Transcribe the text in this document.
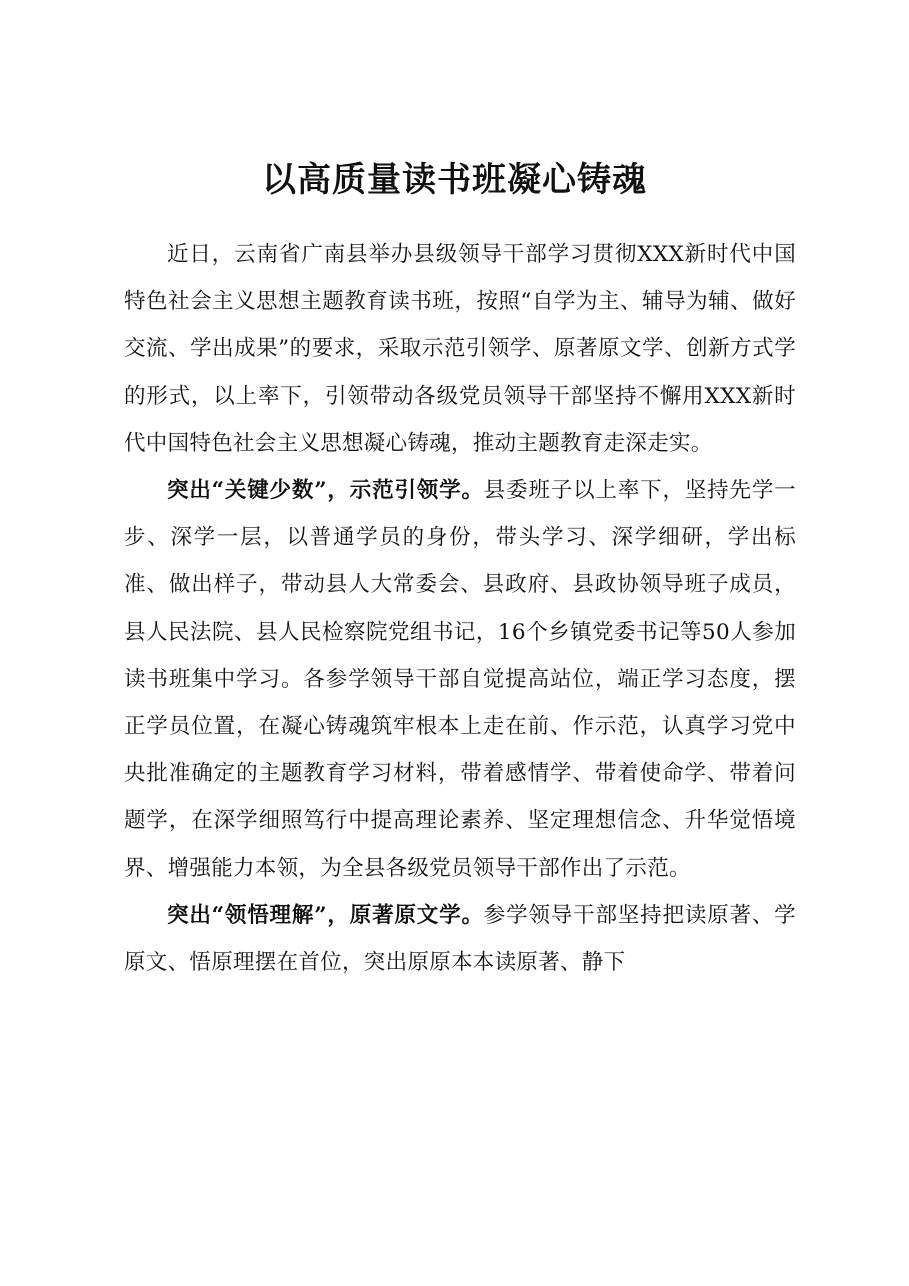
以高质量读书班凝心铸魂

近日，云南省广南县举办县级领导干部学习贯彻XXX新时代中国特色社会主义思想主题教育读书班，按照“自学为主、辅导为辅、做好交流、学出成果”的要求，采取示范引领学、原著原文学、创新方式学的形式，以上率下，引领带动各级党员领导干部坚持不懈用XXX新时代中国特色社会主义思想凝心铸魂，推动主题教育走深走实。

突出“关键少数”，示范引领学。县委班子以上率下，坚持先学一步、深学一层，以普通学员的身份，带头学习、深学细研，学出标准、做出样子，带动县人大常委会、县政府、县政协领导班子成员，县人民法院、县人民检察院党组书记，16个乡镇党委书记等50人参加读书班集中学习。各参学领导干部自觉提高站位，端正学习态度，摆正学员位置，在凝心铸魂筑牢根本上走在前、作示范，认真学习党中央批准确定的主题教育学习材料，带着感情学、带着使命学、带着问题学，在深学细照笃行中提高理论素养、坚定理想信念、升华觉悟境界、增强能力本领，为全县各级党员领导干部作出了示范。

突出“领悟理解”，原著原文学。参学领导干部坚持把读原著、学原文、悟原理摆在首位，突出原原本本读原著、静下
